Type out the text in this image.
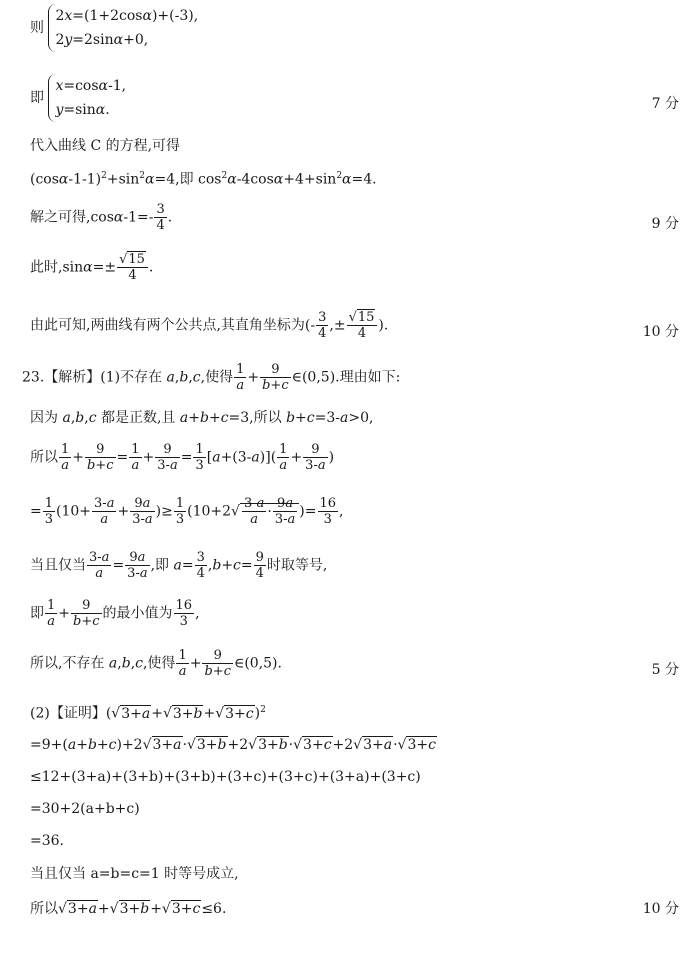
则
2x=(1+2cosα)+(-3),
2y=2sinα+0,
即
x=cosα-1,
y=sinα.	7 分
代入曲线 C 的方程,可得
$(\cos\alpha-1-1)^2+\sin^2\alpha=4$,即 $\cos^2\alpha-4\cos\alpha+4+\sin^2\alpha=4$.
解之可得$,\cos\alpha-1=- \frac{3}{4}$ .	9 分
此时$,\sin\alpha=\pm \frac{√15}{4}$ .
由此可知,两曲线有两个公共点,其直角坐标为(- $\frac{3}{4}$ ,± $\frac{√15}{4}$ ).	10 分
23.【解析】(1)不存在 a,b,c,使得 $\frac{1}{a} + \frac{9}{b+c}$ ∈(0,5).理由如下:
因为 a,b,c 都是正数,且 a+b+c=3,所以 b+c=3-a>0,
所以 $\frac{1}{a} + \frac{9}{b+c} = \frac{1}{a} + \frac{9}{3-a} = \frac{1}{3} [a+(3-a)]( \frac{1}{a} + \frac{9}{3-a}$ )
= $\frac{1}{3} (10+ \frac{3-a}{a} + \frac{9a}{3-a}$ )≥ $\frac{1}{3} (10+2√ \frac{3-a}{a} \cdot \frac{9a}{3-a}$ )= $\frac{16}{3}$ ,
当且仅当 $\frac{3-a}{a} = \frac{9a}{3-a}$ ,即 $a= \frac{3}{4} ,b+c= \frac{9}{4}$ 时取等号,
即 $\frac{1}{a} + \frac{9}{b+c}$ 的最小值为 $\frac{16}{3}$ ,
所以,不存在 a,b,c,使得 $\frac{1}{a} + \frac{9}{b+c}$ ∈(0,5).	5 分
(2)【证明】$(√3+a+√3+b+√3+c)^2$
=9+(a+b+c)+2√3+a·√3+b+2√3+b·√3+c+2√3+a·√3+c
≤12+(3+a)+(3+b)+(3+b)+(3+c)+(3+c)+(3+a)+(3+c)
=30+2(a+b+c)
=36.
当且仅当 a=b=c=1 时等号成立,
所以√3+a+√3+b+√3+c≤6.	10 分
